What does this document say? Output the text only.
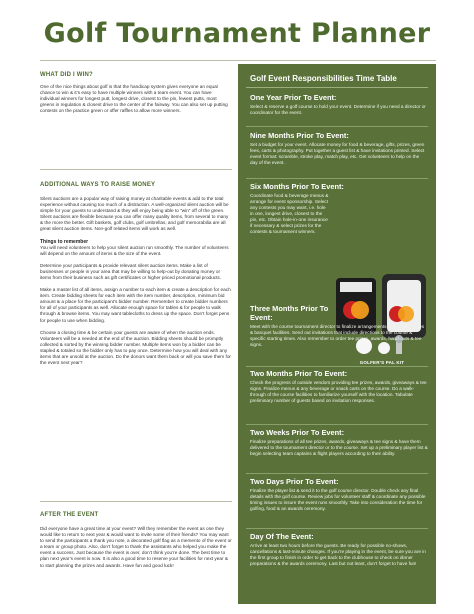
Golf Tournament Planner
WHAT DID I WIN?

One of the nice things about golf is that the handicap system gives everyone an equal chance to win & it’s easy to have multiple winners with a team event. You can have individual winners for longest putt, longest drive, closest to the pin, fewest putts, most greens in regulation & closest drive to the center of the fairway. You can also set up putting contests on the practice green or offer raffles to allow more winners.

ADDITIONAL WAYS TO RAISE MONEY

Silent auctions are a popular way of raising money at charitable events & add to the total experience without causing too much of a distraction. A well-organized silent auction will be simple for your guests to understand & they will enjoy being able to “win” off of the green. Silent auctions are flexible because you can offer many quality items, from several to many & the more the better. Gift baskets, golf clubs, golf umbrellas, and golf memorabilia are all great silent auction items. Non-golf related items will work as well.

Things to remember

You will need volunteers to help your silent auction run smoothly. The number of volunteers will depend on the amount of items & the size of the event.

Determine your participants & provide relevant silent auction items. Make a list of businesses or people in your area that may be willing to help-out by donating money or items from their business such as gift certificates or higher priced promotional products.

Make a master list of all items, assign a number to each item & create a description for each item. Create bidding sheets for each item with the item number, description, minimum bid amount & a place for the participant’s bidder number. Remember to create bidder numbers for all of your participants as well. Allocate enough space for tables & for people to walk through & browse items. You may want tablecloths to dress up the space. Don’t forget pens for people to use when bidding.

Choose a closing time & be certain your guests are aware of when the auction ends. Volunteers will be a needed at the end of the auction. Bidding sheets should be promptly collected & sorted by the winning bidder number. Multiple items won by a bidder can be stapled & totaled so the bidder only has to pay once. Determine how you will deal with any items that are unsold at the auction. Do the donors want them back or will you save them for the event next year?

AFTER THE EVENT

Did everyone have a great time at your event? Will they remember the event as one they would like to return to next year & would want to invite some of their friends? You may want to send the participants a thank you note, a decorated golf flag as a memento of the event or a team or group photo. Also, don’t forget to thank the assistants who helped you make the event a success. Just because the event is over, don’t think you’re done. The best time to plan next year’s event is now. It is also a good time to reserve your facilities for next year & to start planning the prizes and awards. Have fun and good luck!

Golf Event Responsibilities Time Table
One Year Prior To Event:

Select & reserve a golf course to hold your event. Determine if you need a director or coordinator for the event.

Nine Months Prior To Event:

Set a budget for your event. Allocate money for food & beverage, gifts, prizes, green fees, carts & photography. Put together a guest list & have invitations printed. Select event format: scramble, stroke play, match play, etc. Get volunteers to help on the day of the event.

Six Months Prior To Event:

Coordinate food & beverage menus & arrange for event sponsorship. Select any contests you may want, i.e. hole in one, longest drive, closest to the pin, etc. Obtain hole-in-one insurance if necessary & select prizes for the contests & tournament winners.

GOLFER’S PAL KIT
Three Months Prior To Event:

Meet with the course tournament director to finalize arrangements with course times & banquet facilities. Send out invitations that include directions to the course & specific starting times. Also remember to order tee prizes, awards, hand-outs & tee signs.

Two Months Prior To Event:

Check the progress of outside vendors providing tee prizes, awards, giveaways & tee signs. Finalize menus & any beverage or snack carts on the course. Do a walk-through of the course facilities to familiarize yourself with the location. Tabulate preliminary number of guests based on invitation responses.

Two Weeks Prior To Event:

Finalize preparations of all tee prizes, awards, giveaways & tee signs & have them delivered to the tournament director or to the course. Set up a preliminary player list & begin selecting team captains & flight players according to their ability.

Two Days Prior To Event:

Finalize the player list & send it to the golf course director. Double check any final details with the golf course. Review jobs for volunteer staff & coordinate any possible timing issues to insure the event runs smoothly. Take into consideration the time for golfing, food & an awards ceremony.

Day Of The Event:

Arrive at least two hours before the guests. Be ready for possible no-shows, cancellations & last-minute changes. If you’re playing in the event, be sure you are in the first group to finish in order to get back to the clubhouse to check on dinner preparations & the awards ceremony. Last but not least, don’t forget to have fun!
